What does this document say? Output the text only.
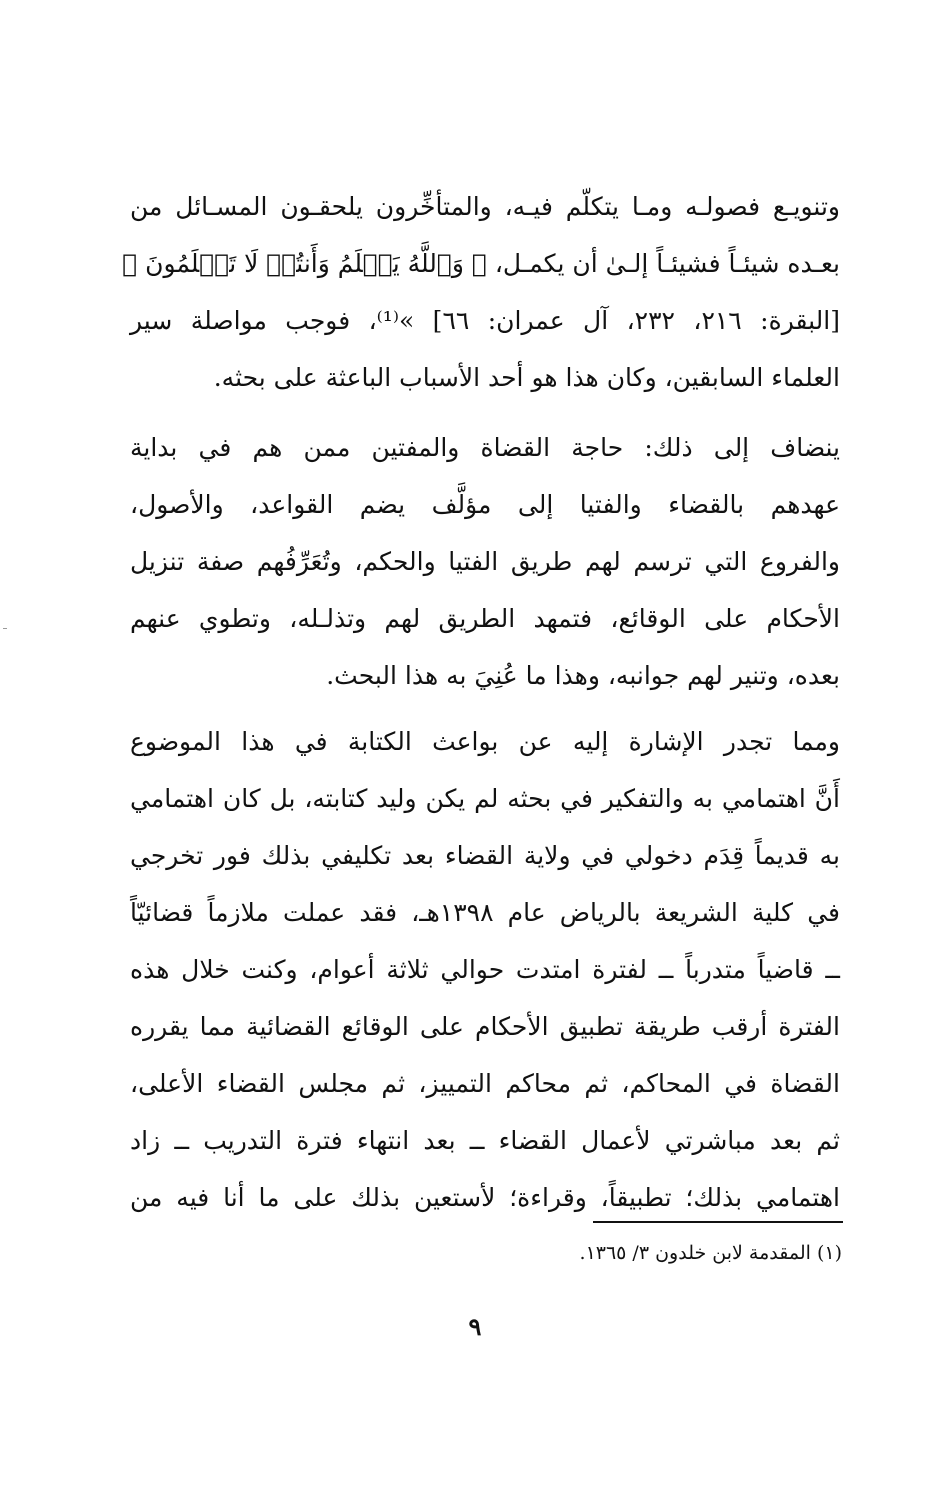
وتنويـع فصولـه ومـا يتكلّم فيـه، والمتأخِّرون يلحقـون المسـائل من
بعـده شيئـاً فشيئـاً إلـىٰ أن يكمـل، ﴿ وَٱللَّهُ يَعۡلَمُ وَأَنتُمۡ لَا تَعۡلَمُونَ ﴾
[البقرة: ٢١٦، ٢٣٢، آل عمران: ٦٦] »⁽¹⁾، فوجب مواصلة سير
العلماء السابقين، وكان هذا هو أحد الأسباب الباعثة على بحثه.
ينضاف إلى ذلك: حاجة القضاة والمفتين ممن هم في بداية
عهدهم بالقضاء والفتيا إلى مؤلَّف يضم القواعد، والأصول،
والفروع التي ترسم لهم طريق الفتيا والحكم، وتُعَرِّفُهم صفة تنزيل
الأحكام على الوقائع، فتمهد الطريق لهم وتذلـله، وتطوي عنهم
بعده، وتنير لهم جوانبه، وهذا ما عُنِيَ به هذا البحث.
ومما تجدر الإشارة إليه عن بواعث الكتابة في هذا الموضوع
أَنَّ اهتمامي به والتفكير في بحثه لم يكن وليد كتابته، بل كان اهتمامي
به قديماً قِدَم دخولي في ولاية القضاء بعد تكليفي بذلك فور تخرجي
في كلية الشريعة بالرياض عام ١٣٩٨هـ، فقد عملت ملازماً قضائيّاً
ــ قاضياً متدرباً ــ لفترة امتدت حوالي ثلاثة أعوام، وكنت خلال هذه
الفترة أرقب طريقة تطبيق الأحكام على الوقائع القضائية مما يقرره
القضاة في المحاكم، ثم محاكم التمييز، ثم مجلس القضاء الأعلى،
ثم بعد مباشرتي لأعمال القضاء ــ بعد انتهاء فترة التدريب ــ زاد
اهتمامي بذلك؛ تطبيقاً، وقراءة؛ لأستعين بذلك على ما أنا فيه من
(١) المقدمة لابن خلدون ٣/ ١٣٦٥.
٩
